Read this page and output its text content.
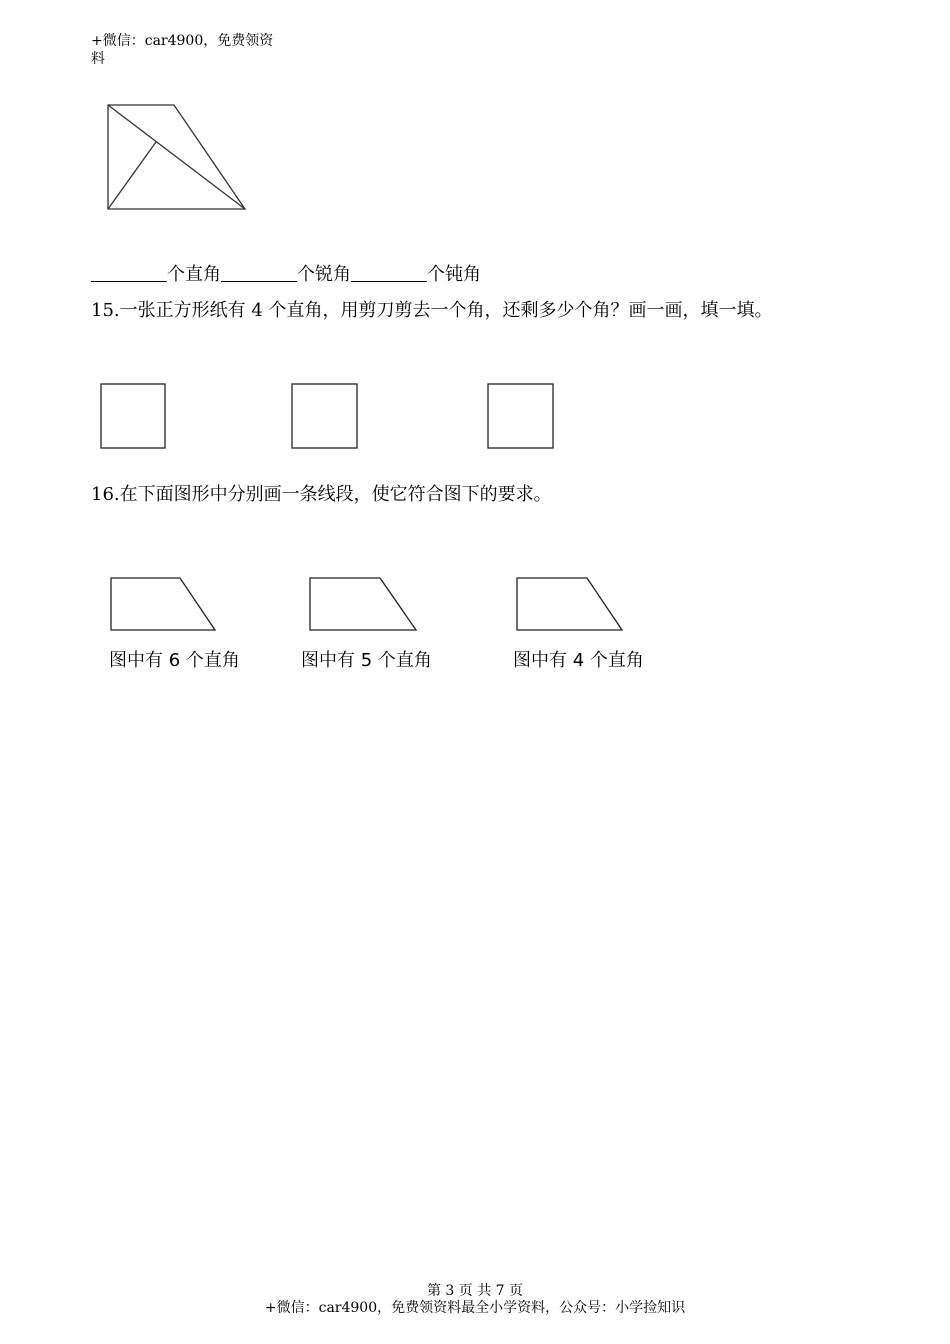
+微信：car4900，免费领资料
个直角	个锐角	个钝角
15.一张正方形纸有 4 个直角，用剪刀剪去一个角，还剩多少个角？画一画，填一填。
16.在下面图形中分别画一条线段，使它符合图下的要求。
图中有 6 个直角	图中有 5 个直角	图中有 4 个直角
第 3 页 共 7 页
+微信：car4900，免费领资料最全小学资料，公众号：小学捡知识
